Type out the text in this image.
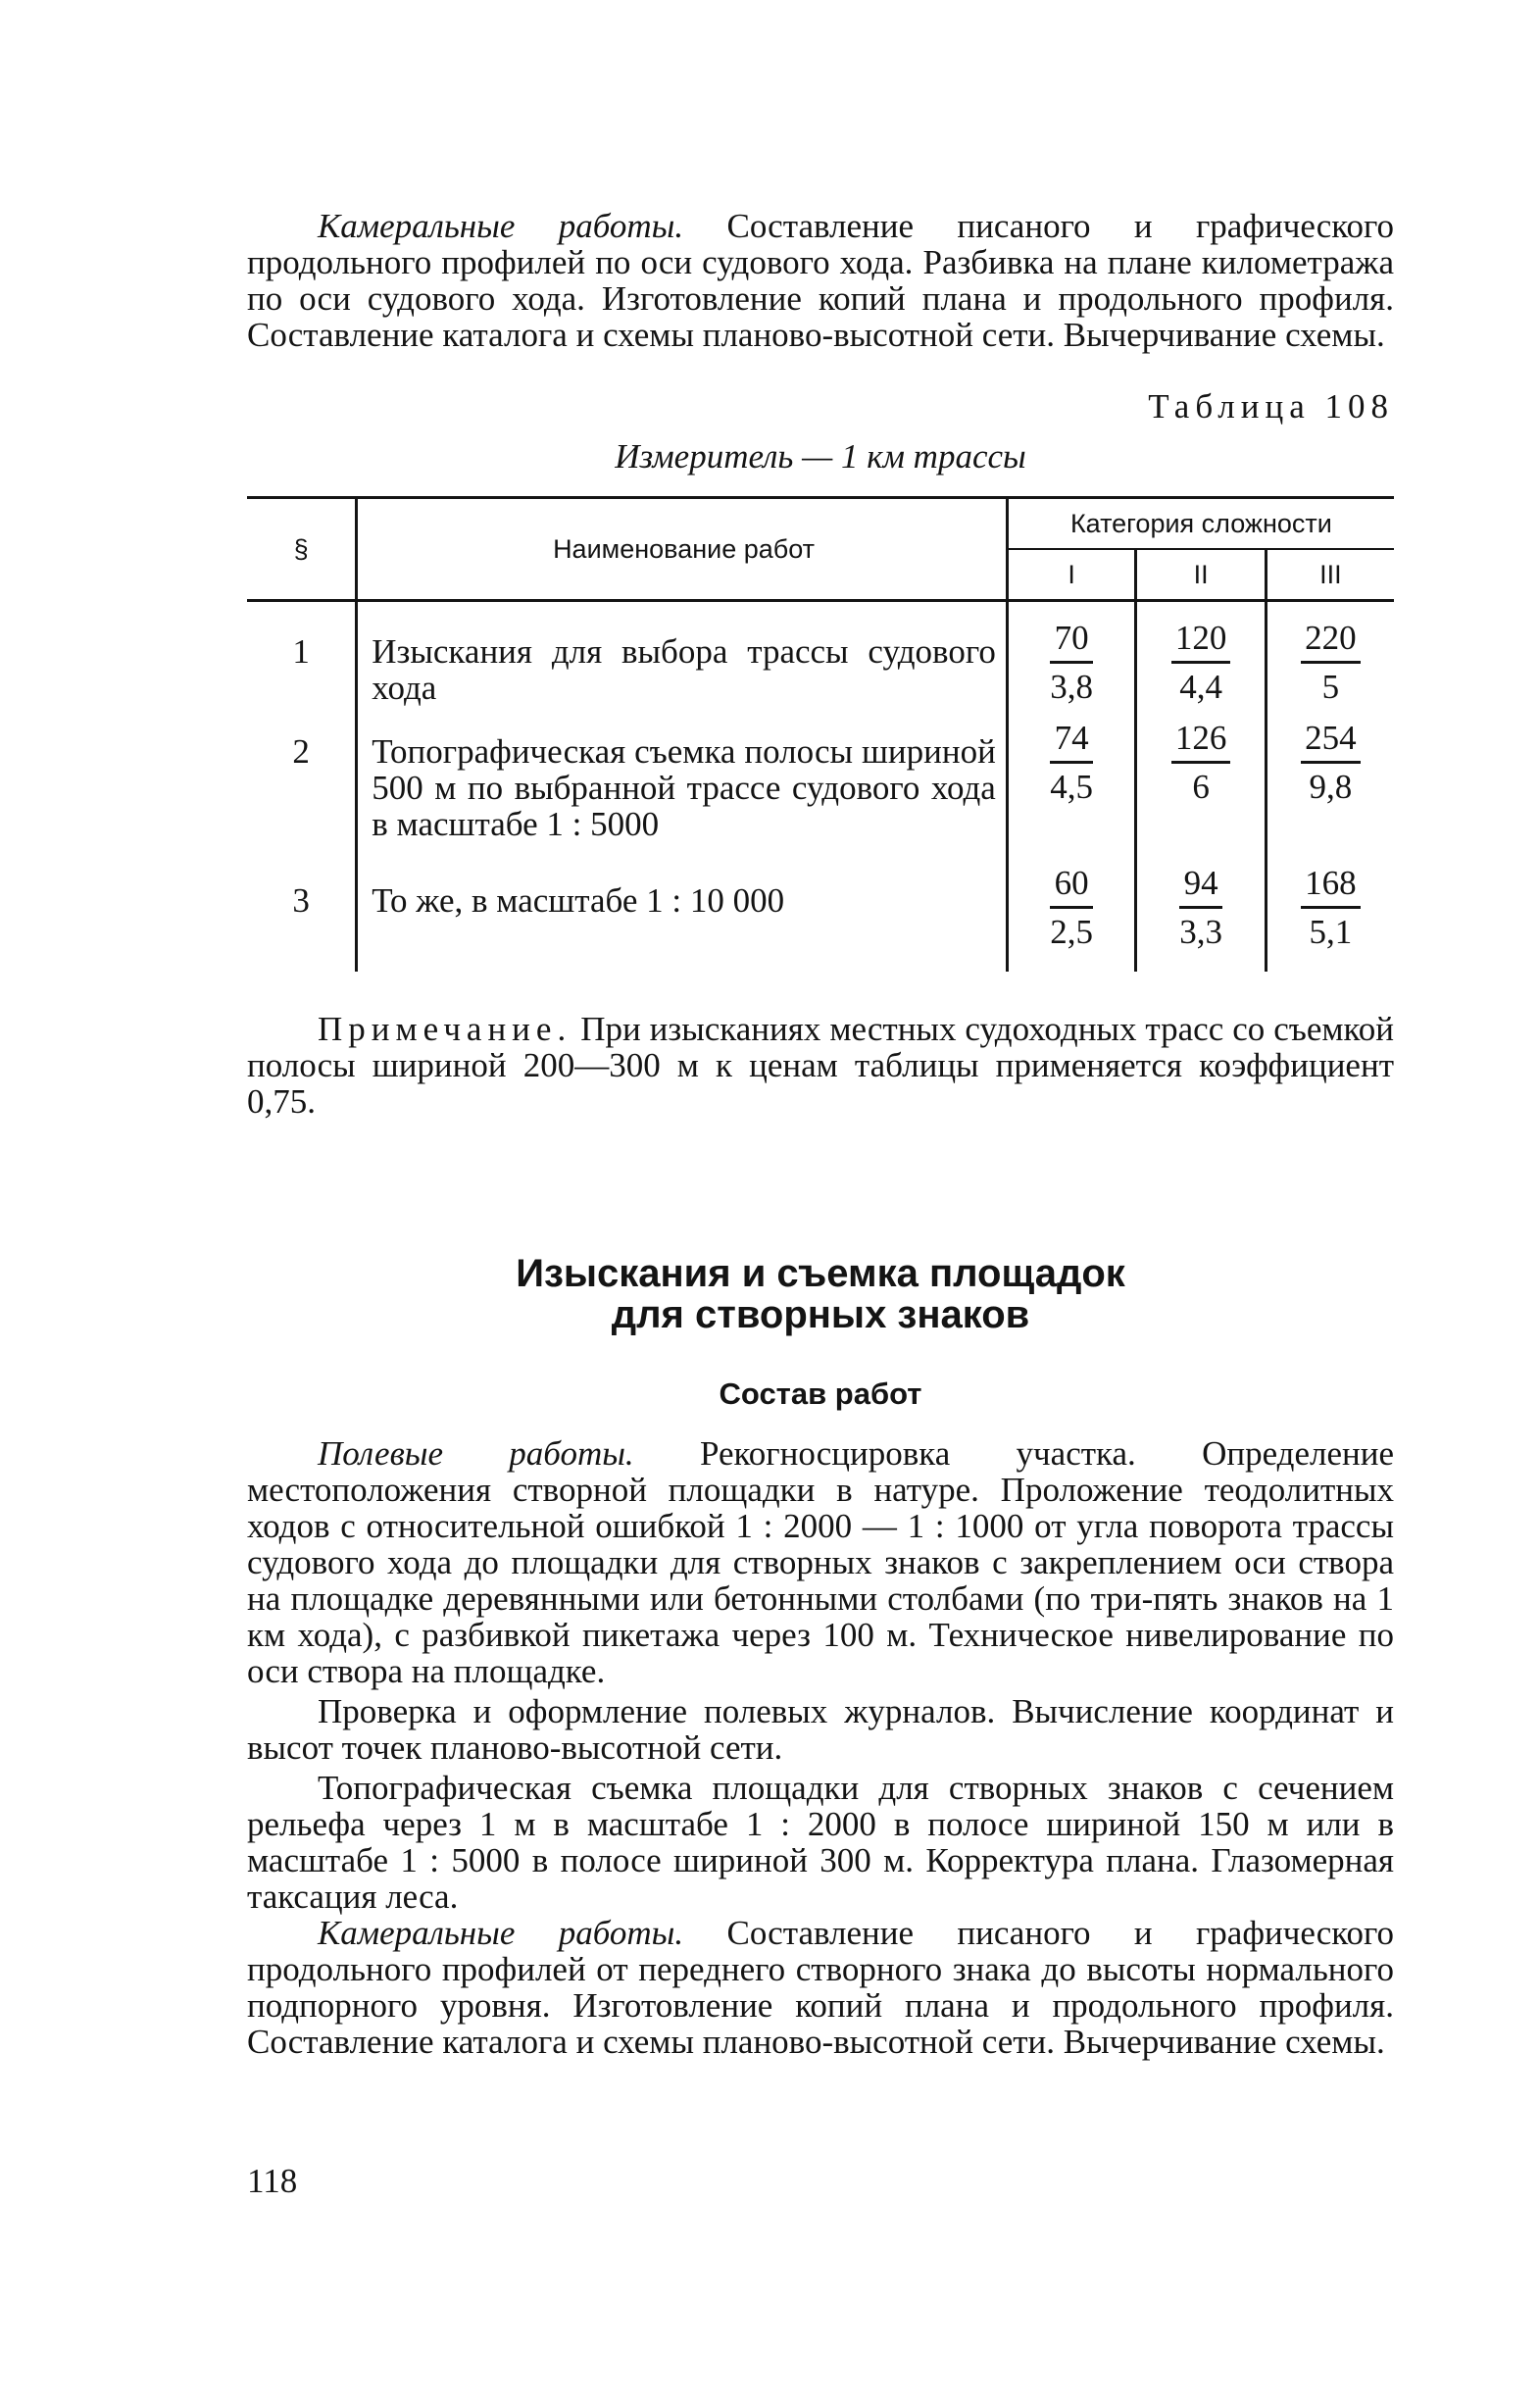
Камеральные работы. Составление писаного и графического продольного профилей по оси судового хода. Разбивка на плане километража по оси судового хода. Изготовление копий плана и продольного профиля. Составление каталога и схемы планово-высотной сети. Вычерчивание схемы.

Таблица 108

Измеритель — 1 км трассы

§	Наименование работ	Категория сложности		
		I	II	III
1	Изыскания для выбора трассы судового хода	$\frac{70}{3,8}$	$\frac{120}{4,4}$	$\frac{220}{5}$

2	Топографическая съемка полосы шириной 500 м по выбранной трассе судового хода в масштабе 1 : 5000	$\frac{74}{4,5}$	$\frac{126}{6}$	$\frac{254}{9,8}$

3	То же, в масштабе 1 : 10 000	$\frac{60}{2,5}$	$\frac{94}{3,3}$	$\frac{168}{5,1}$

Примечание. При изысканиях местных судоходных трасс со съемкой полосы шириной 200—300 м к ценам таблицы применяется коэффициент 0,75.

Изыскания и съемка площадок
для створных знаков
Состав работ

Полевые работы. Рекогносцировка участка. Определение местоположения створной площадки в натуре. Проложение теодолитных ходов с относительной ошибкой 1 : 2000 — 1 : 1000 от угла поворота трассы судового хода до площадки для створных знаков с закреплением оси створа на площадке деревянными или бетонными столбами (по три-пять знаков на 1 км хода), с разбивкой пикетажа через 100 м. Техническое нивелирование по оси створа на площадке.

Проверка и оформление полевых журналов. Вычисление координат и высот точек планово-высотной сети.

Топографическая съемка площадки для створных знаков с сечением рельефа через 1 м в масштабе 1 : 2000 в полосе шириной 150 м или в масштабе 1 : 5000 в полосе шириной 300 м. Корректура плана. Глазомерная таксация леса.

Камеральные работы. Составление писаного и графического продольного профилей от переднего створного знака до высоты нормального подпорного уровня. Изготовление копий плана и продольного профиля. Составление каталога и схемы планово-высотной сети. Вычерчивание схемы.

118
